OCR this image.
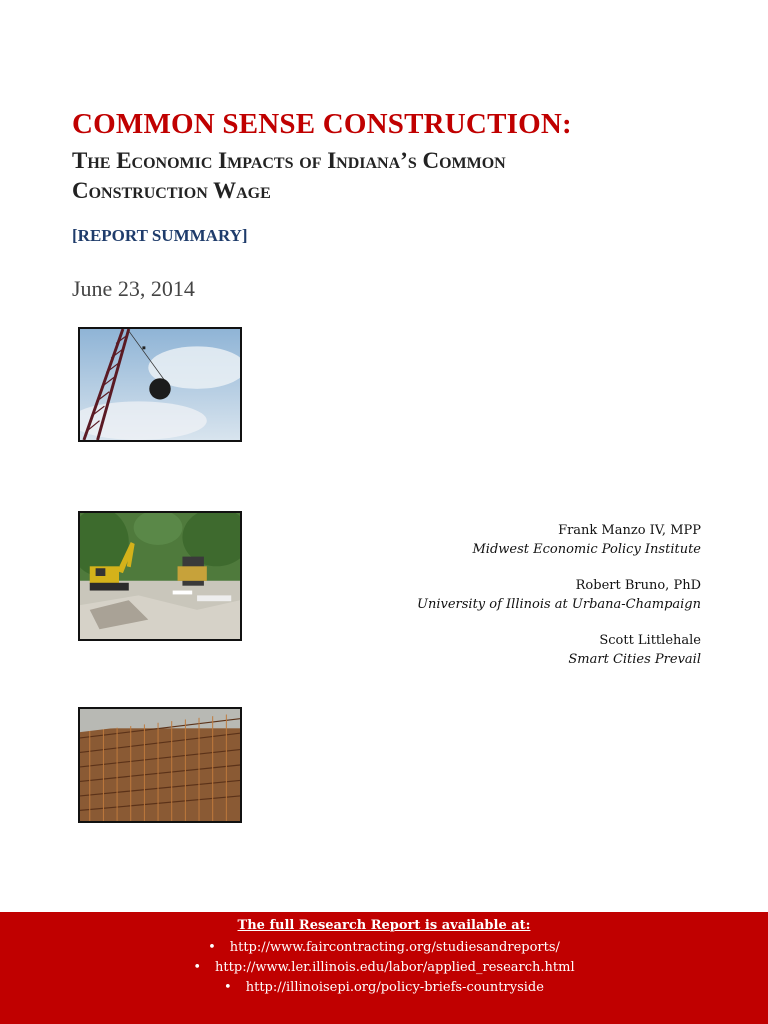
COMMON SENSE CONSTRUCTION:
The Economic Impacts of Indiana’s Common Construction Wage
[REPORT SUMMARY]
June 23, 2014
Frank Manzo IV, MPP
Midwest Economic Policy Institute
Robert Bruno, PhD
University of Illinois at Urbana-Champaign
Scott Littlehale
Smart Cities Prevail
The full Research Report is available at:
• http://www.faircontracting.org/studiesandreports/
• http://www.ler.illinois.edu/labor/applied_research.html
• http://illinoisepi.org/policy-briefs-countryside
